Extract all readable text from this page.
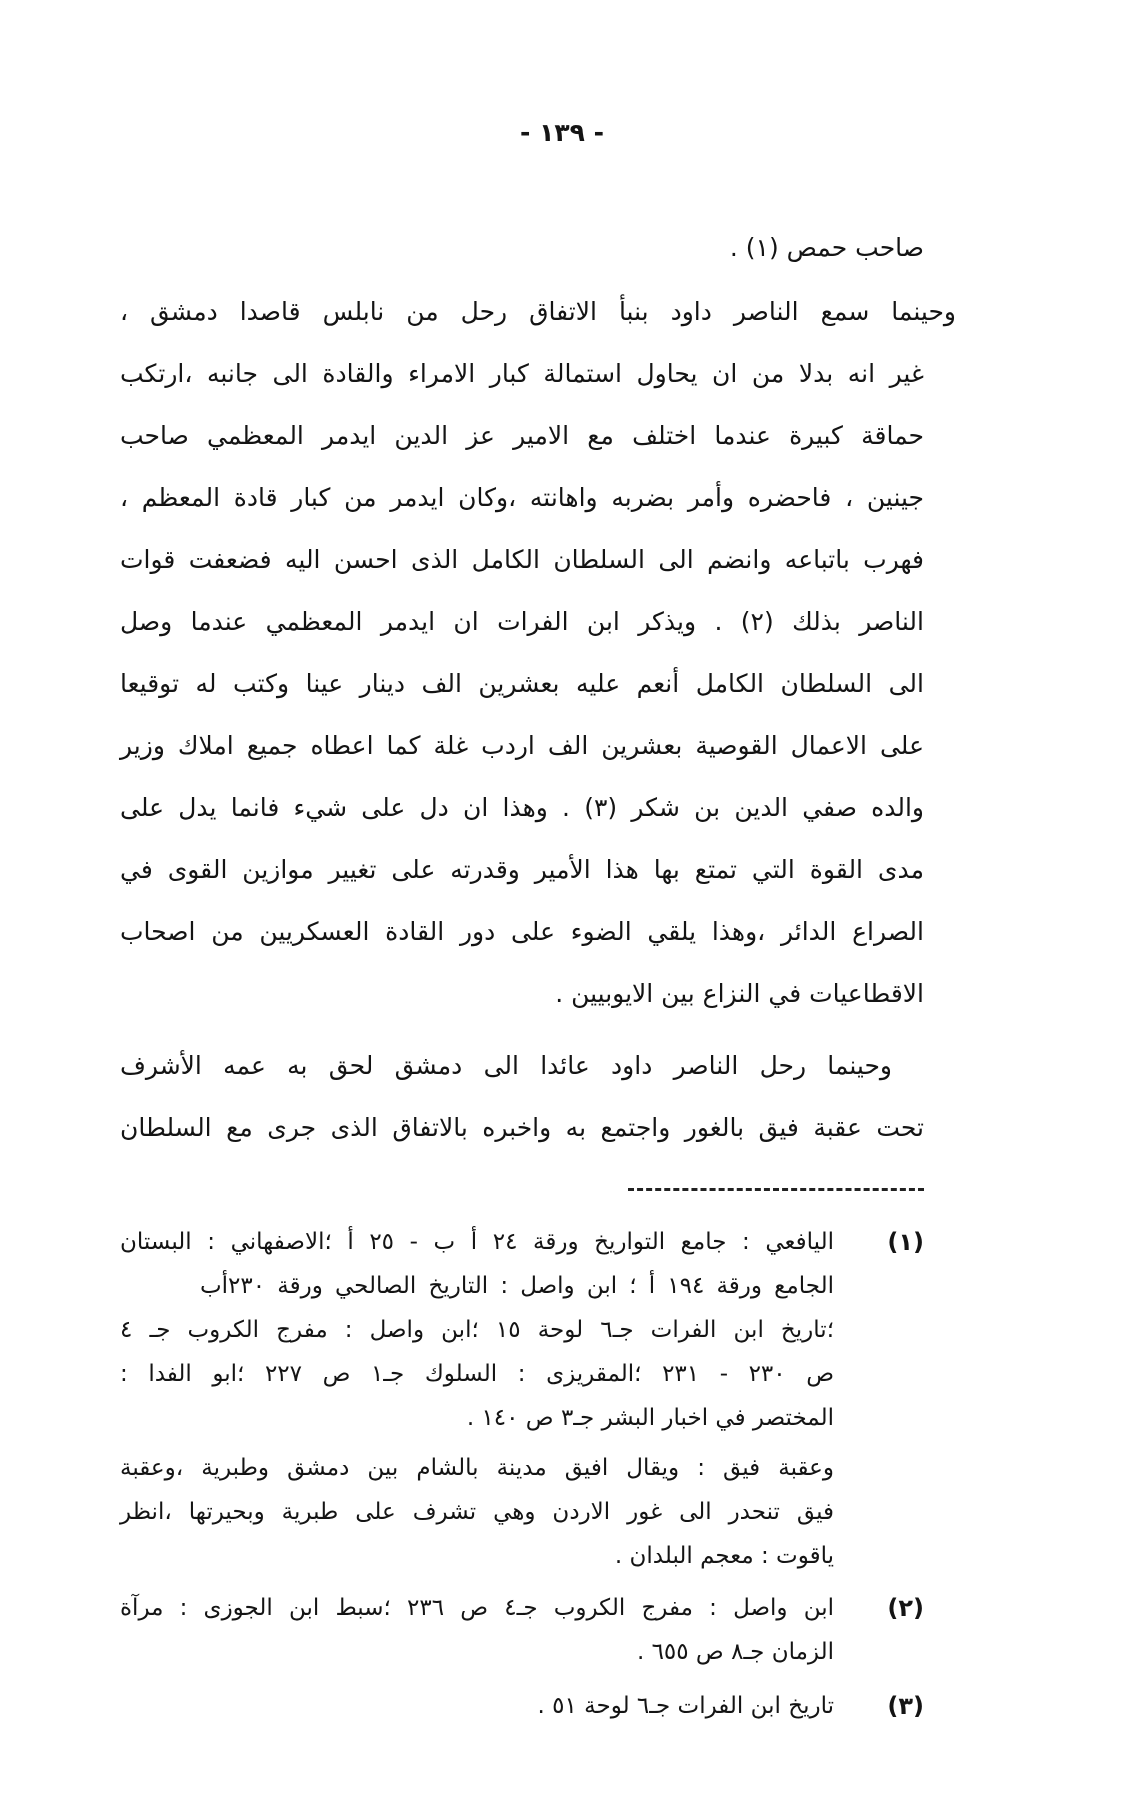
- ١٣٩ -
صاحب حمص (١) .
وحينما سمع الناصر داود بنبأ الاتفاق رحل من نابلس قاصدا دمشق ،
غير انه بدلا من ان يحاول استمالة كبار الامراء والقادة الى جانبه ،ارتكب
حماقة كبيرة عندما اختلف مع الامير عز الدين ايدمر المعظمي صاحب
جينين ، فاحضره وأمر بضربه واهانته ،وكان ايدمر من كبار قادة المعظم ،
فهرب باتباعه وانضم الى السلطان الكامل الذى احسن اليه فضعفت قوات
الناصر بذلك (٢) . ويذكر ابن الفرات ان ايدمر المعظمي عندما وصل
الى السلطان الكامل أنعم عليه بعشرين الف دينار عينا وكتب له توقيعا
على الاعمال القوصية بعشرين الف اردب غلة كما اعطاه جميع املاك وزير
والده صفي الدين بن شكر (٣) . وهذا ان دل على شيء فانما يدل على
مدى القوة التي تمتع بها هذا الأمير وقدرته على تغيير موازين القوى في
الصراع الدائر ،وهذا يلقي الضوء على دور القادة العسكريين من اصحاب
الاقطاعيات في النزاع بين الايوبيين .
وحينما رحل الناصر داود عائدا الى دمشق لحق به عمه الأشرف
تحت عقبة فيق بالغور واجتمع به واخبره بالاتفاق الذى جرى مع السلطان
(١)
اليافعي : جامع التواريخ ورقة ٢٤ أ ب - ٢٥ أ ؛الاصفهاني : البستان
الجامع ورقة ١٩٤ أ ؛ ابن واصل : التاريخ الصالحي ورقة ٢٣٠أب
؛تاريخ ابن الفرات جـ٦ لوحة ١٥ ؛ابن واصل : مفرج الكروب جـ ٤
ص ٢٣٠ - ٢٣١ ؛المقريزى : السلوك جـ١ ص ٢٢٧ ؛ابو الفدا :
المختصر في اخبار البشر جـ٣ ص ١٤٠ .
وعقبة فيق : ويقال افيق مدينة بالشام بين دمشق وطبرية ،وعقبة
فيق تنحدر الى غور الاردن وهي تشرف على طبرية وبحيرتها ،انظر
ياقوت : معجم البلدان .
(٢)
ابن واصل : مفرج الكروب جـ٤ ص ٢٣٦ ؛سبط ابن الجوزى : مرآة
الزمان جـ٨ ص ٦٥٥ .
(٣)
تاريخ ابن الفرات جـ٦ لوحة ٥١ .
